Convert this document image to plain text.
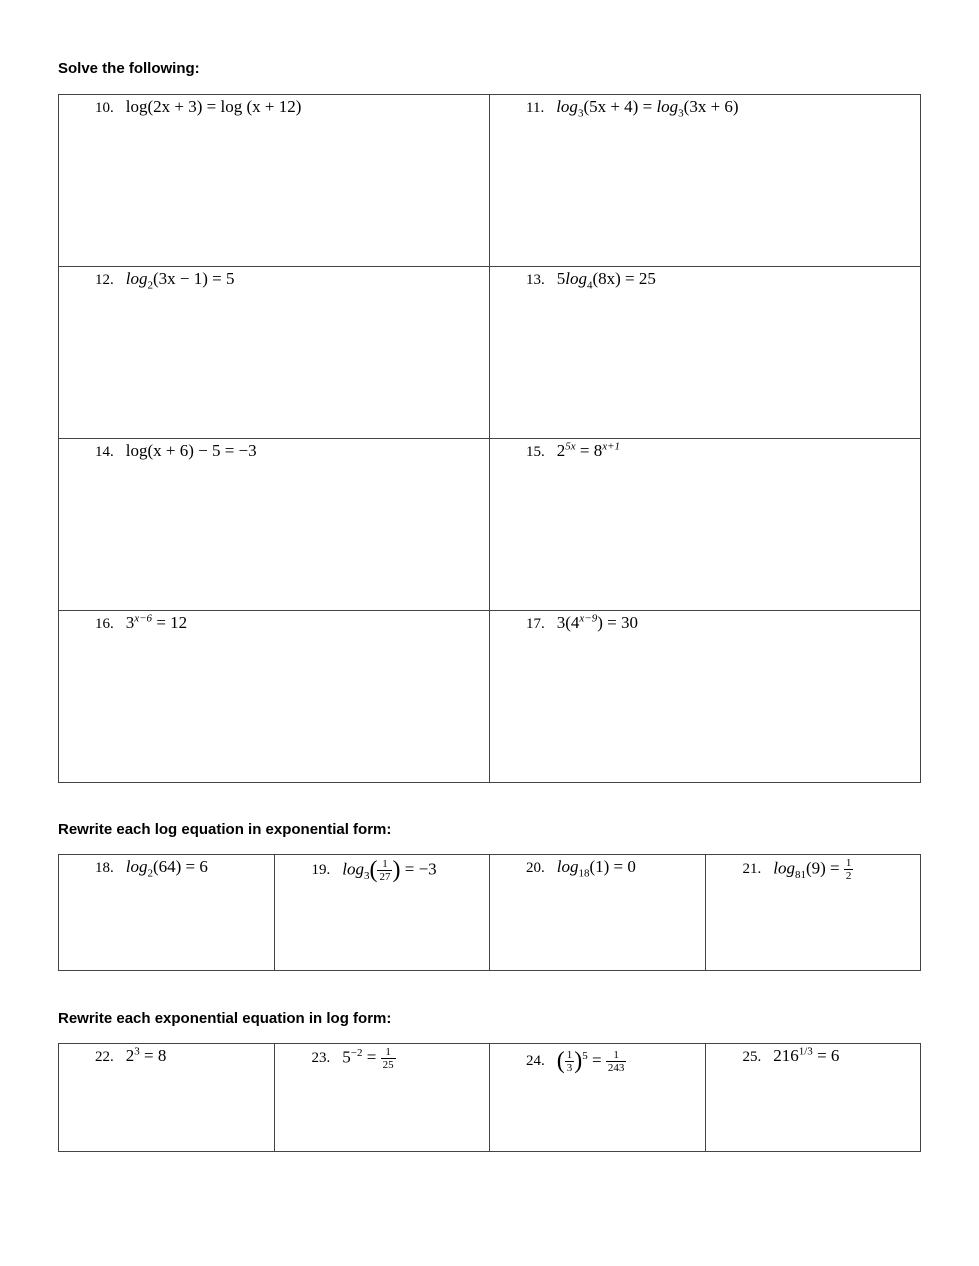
Solve the following:
10. log(2x + 3) = log (x + 12)	11. $\log_3(5x + 4) = \log_3(3x + 6)$

12. $\log_2(3x - 1) = 5$	13. $5\log_4(8x) = 25$

14. log(x + 6) − 5 = −3	15. $2^{5x} = 8^{x+1}$

16. $3^{x-6} = 12$	17. $3(4^{x-9}) = 30$
Rewrite each log equation in exponential form:
18. $\log_2(64) = 6$	19. $\log_3( \frac{1}{27}$ ) = −3	20. $\log_{18}(1) = 0$	21. $\log_{81}(9) = \frac{1}{2}$
Rewrite each exponential equation in log form:
22. $2^3 = 8$	23. $5^{-2} = \frac{1}{25}$	24. ( $\frac{1}{3} )^5 = \frac{1}{243}$	25. $216^{1/3} = 6$
